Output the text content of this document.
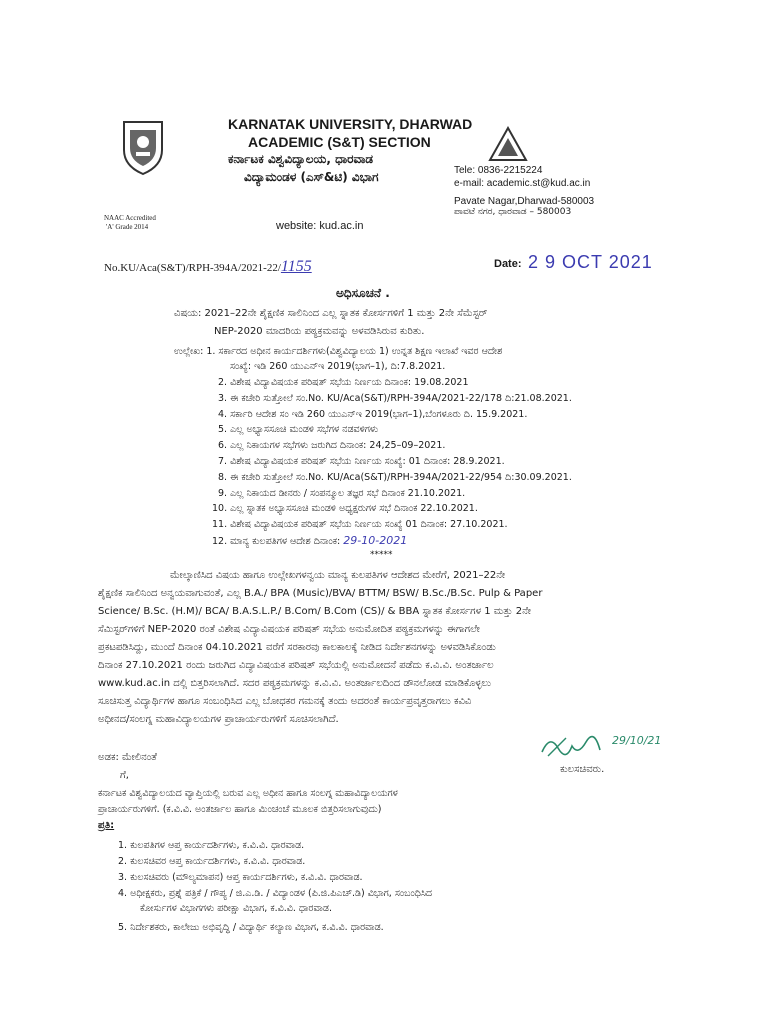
NAAC Accredited
'A' Grade 2014
KARNATAK UNIVERSITY, DHARWAD
ACADEMIC (S&T) SECTION
ಕರ್ನಾಟಕ ವಿಶ್ವವಿದ್ಯಾಲಯ, ಧಾರವಾಡ
ವಿದ್ಯಾಮಂಡಳ (ಎಸ್&ಟಿ) ವಿಭಾಗ	Tele: 0836-2215224
e-mail: academic.st@kud.ac.in
Pavate Nagar,Dharwad-580003
ಪಾವಟೆ ನಗರ, ಧಾರವಾಡ – 580003
website: kud.ac.in
No.KU/Aca(S&T)/RPH-394A/2021-22/1155	Date: 2 9 OCT 2021
ಅಧಿಸೂಚನೆ .
ವಿಷಯ: 2021–22ನೇ ಶೈಕ್ಷಣಿಕ ಸಾಲಿನಿಂದ ಎಲ್ಲ ಸ್ನಾತಕ ಕೋರ್ಸಗಳಿಗೆ 1 ಮತ್ತು 2ನೇ ಸೆಮೆಸ್ಟರ್
NEP-2020 ಮಾದರಿಯ ಪಠ್ಯಕ್ರಮವನ್ನು ಅಳವಡಿಸಿರುವ ಕುರಿತು.
ಉಲ್ಲೇಖ: 1. ಸರ್ಕಾರದ ಅಧೀನ ಕಾರ್ಯದರ್ಶಿಗಳು(ವಿಶ್ವವಿದ್ಯಾಲಯ 1) ಉನ್ನತ ಶಿಕ್ಷಣ ಇಲಾಖೆ ಇವರ ಆದೇಶ
ಸಂಖ್ಯೆ: ಇಡಿ 260 ಯುಎನ್ಇ 2019(ಭಾಗ–1), ದಿ:7.8.2021.
2. ವಿಶೇಷ ವಿದ್ಯಾವಿಷಯಕ ಪರಿಷತ್ ಸಭೆಯ ನಿರ್ಣಯ ದಿನಾಂಕ: 19.08.2021
3. ಈ ಕಚೇರಿ ಸುತ್ತೋಲೆ ಸಂ.No. KU/Aca(S&T)/RPH-394A/2021-22/178 ದಿ:21.08.2021.
4. ಸರ್ಕಾರಿ ಆದೇಶ ಸಂ ಇಡಿ 260 ಯುಎನ್ಇ 2019(ಭಾಗ–1),ಬೆಂಗಳೂರು ದಿ. 15.9.2021.
5. ಎಲ್ಲ ಅಭ್ಯಾಸಸೂಚಿ ಮಂಡಳಿ ಸಭೆಗಳ ನಡವಳಿಗಳು
6. ಎಲ್ಲ ನಿಕಾಯಗಳ ಸಭೆಗಳು ಜರುಗಿದ ದಿನಾಂಕ: 24,25–09–2021.
7. ವಿಶೇಷ ವಿದ್ಯಾವಿಷಯಕ ಪರಿಷತ್ ಸಭೆಯ ನಿರ್ಣಯ ಸಂಖ್ಯೆ: 01 ದಿನಾಂಕ: 28.9.2021.
8. ಈ ಕಚೇರಿ ಸುತ್ತೋಲೆ ಸಂ.No. KU/Aca(S&T)/RPH-394A/2021-22/954 ದಿ:30.09.2021.
9. ಎಲ್ಲ ನಿಕಾಯದ ಡೀನರು / ಸಂಪನ್ಮೂಲ ತಜ್ಞರ ಸಭೆ ದಿನಾಂಕ 21.10.2021.
10. ಎಲ್ಲ ಸ್ನಾತಕ ಅಭ್ಯಾಸಸೂಚಿ ಮಂಡಳಿ ಅಧ್ಯಕ್ಷರುಗಳ ಸಭೆ ದಿನಾಂಕ 22.10.2021.
11. ವಿಶೇಷ ವಿದ್ಯಾವಿಷಯಕ ಪರಿಷತ್ ಸಭೆಯ ನಿರ್ಣಯ ಸಂಖ್ಯೆ 01 ದಿನಾಂಕ: 27.10.2021.
12. ಮಾನ್ಯ ಕುಲಪತಿಗಳ ಆದೇಶ ದಿನಾಂಕ: 29-10-2021
*****
ಮೇಲ್ಕಾಣಿಸಿದ ವಿಷಯ ಹಾಗೂ ಉಲ್ಲೇಖಗಳನ್ವಯ ಮಾನ್ಯ ಕುಲಪತಿಗಳ ಆದೇಶದ ಮೇರೆಗೆ, 2021–22ನೇ
ಶೈಕ್ಷಣಿಕ ಸಾಲಿನಿಂದ ಅನ್ವಯವಾಗುವಂತೆ, ಎಲ್ಲ B.A./ BPA (Music)/BVA/ BTTM/ BSW/ B.Sc./B.Sc. Pulp & Paper
Science/ B.Sc. (H.M)/ BCA/ B.A.S.L.P./ B.Com/ B.Com (CS)/ & BBA ಸ್ನಾತಕ ಕೋರ್ಸಗಳ 1 ಮತ್ತು 2ನೇ
ಸೆಮಿಸ್ಟರ್‌ಗಳಿಗೆ NEP-2020 ರಂತೆ ವಿಶೇಷ ವಿದ್ಯಾವಿಷಯಕ ಪರಿಷತ್ ಸಭೆಯ ಅನುಮೋದಿತ ಪಠ್ಯಕ್ರಮಗಳನ್ನು ಈಗಾಗಲೇ
ಪ್ರಕಟಪಡಿಸಿದ್ದು, ಮುಂದೆ ದಿನಾಂಕ 04.10.2021 ವರೆಗೆ ಸರಕಾರವು ಕಾಲಕಾಲಕ್ಕೆ ನೀಡಿದ ನಿರ್ದೇಶನಗಳನ್ನು ಅಳವಡಿಸಿಕೊಂಡು
ದಿನಾಂಕ 27.10.2021 ರಂದು ಜರುಗಿದ ವಿದ್ಯಾವಿಷಯಕ ಪರಿಷತ್ ಸಭೆಯಲ್ಲಿ ಅನುಮೋದನೆ ಪಡೆದು ಕ.ವಿ.ವಿ. ಅಂತರ್ಜಾಲ
www.kud.ac.in ದಲ್ಲಿ ಬಿತ್ತರಿಸಲಾಗಿದೆ. ಸದರ ಪಠ್ಯಕ್ರಮಗಳನ್ನು ಕ.ವಿ.ವಿ. ಅಂತರ್ಜಾಲದಿಂದ ಡೌನಲೋಡ ಮಾಡಿಕೊಳ್ಳಲು
ಸೂಚಿಸುತ್ತ ವಿದ್ಯಾರ್ಥಿಗಳ ಹಾಗೂ ಸಂಬಂಧಿಸಿದ ಎಲ್ಲ ಬೋಧಕರ ಗಮನಕ್ಕೆ ತಂದು ಅದರಂತೆ ಕಾರ್ಯಪ್ರವೃತ್ತರಾಗಲು ಕವಿವಿ
ಅಧೀನದ/ಸಂಲಗ್ನ ಮಹಾವಿದ್ಯಾಲಯಗಳ ಪ್ರಾಚಾರ್ಯರುಗಳಿಗೆ ಸೂಚಿಸಲಾಗಿದೆ.
29/10/21
ಕುಲಸಚಿವರು.
ಅಡಕ: ಮೇಲಿನಂತೆ
ಗೆ,
ಕರ್ನಾಟಕ ವಿಶ್ವವಿದ್ಯಾಲಯದ ವ್ಯಾಪ್ತಿಯಲ್ಲಿ ಬರುವ ಎಲ್ಲ ಅಧೀನ ಹಾಗೂ ಸಂಲಗ್ನ ಮಹಾವಿದ್ಯಾಲಯಗಳ
ಪ್ರಾಚಾರ್ಯರುಗಳಿಗೆ. (ಕ.ವಿ.ವಿ. ಅಂತರ್ಜಾಲ ಹಾಗೂ ಮಿಂಚಂಚೆ ಮೂಲಕ ಬಿತ್ತರಿಸಲಾಗುವುದು)
ಪ್ರತಿ:
1. ಕುಲಪತಿಗಳ ಆಪ್ತ ಕಾರ್ಯದರ್ಶಿಗಳು, ಕ.ವಿ.ವಿ. ಧಾರವಾಡ.
2. ಕುಲಸಚಿವರ ಆಪ್ತ ಕಾರ್ಯದರ್ಶಿಗಳು, ಕ.ವಿ.ವಿ. ಧಾರವಾಡ.
3. ಕುಲಸಚಿವರು (ಮೌಲ್ಯಮಾಪನ) ಆಪ್ತ ಕಾರ್ಯದರ್ಶಿಗಳು, ಕ.ವಿ.ವಿ. ಧಾರವಾಡ.
4. ಅಧೀಕ್ಷಕರು, ಪ್ರಶ್ನೆ ಪತ್ರಿಕೆ / ಗೌಪ್ಯ / ಜಿ.ಎ.ಡಿ. / ವಿದ್ಯಾಂಡಳ (ಪಿ.ಜಿ.ಪಿಎಚ್.ಡಿ) ವಿಭಾಗ, ಸಂಬಂಧಿಸಿದ
ಕೋರ್ಸುಗಳ ವಿಭಾಗಗಳು ಪರೀಕ್ಷಾ ವಿಭಾಗ, ಕ.ವಿ.ವಿ. ಧಾರವಾಡ.
5. ನಿರ್ದೇಶಕರು, ಕಾಲೇಜು ಅಭಿವೃದ್ಧಿ / ವಿದ್ಯಾರ್ಥಿ ಕಲ್ಯಾಣ ವಿಭಾಗ, ಕ.ವಿ.ವಿ. ಧಾರವಾಡ.
